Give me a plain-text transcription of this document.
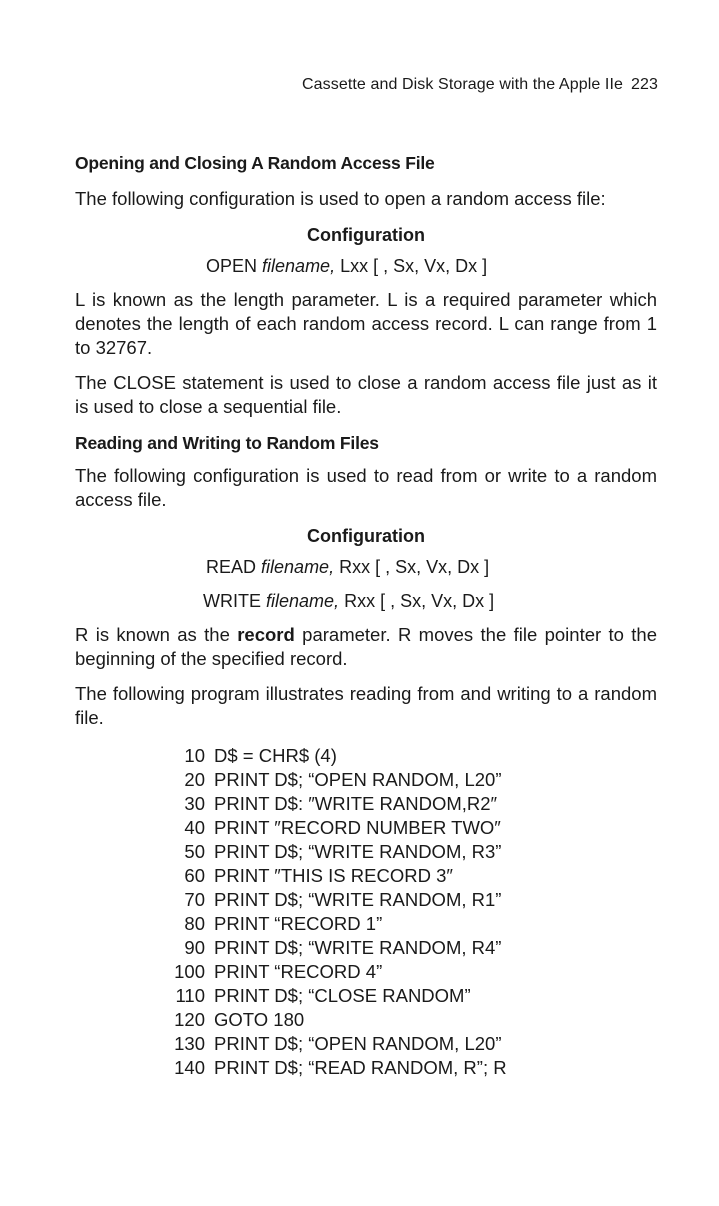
Cassette and Disk Storage with the Apple IIe 223
Opening and Closing A Random Access File

The following configuration is used to open a random access file:

Configuration
OPEN filename, Lxx [ , Sx, Vx, Dx ]

L is known as the length parameter. L is a required parameter which denotes the length of each random access record. L can range from 1 to 32767.

The CLOSE statement is used to close a random access file just as it is used to close a sequential file.

Reading and Writing to Random Files

The following configuration is used to read from or write to a random access file.

Configuration
READ filename, Rxx [ , Sx, Vx, Dx ]
WRITE filename, Rxx [ , Sx, Vx, Dx ]

R is known as the record parameter. R moves the file pointer to the beginning of the specified record.

The following program illustrates reading from and writing to a random file.

10 D$ = CHR$ (4)
20 PRINT D$; “OPEN RANDOM, L20”
30 PRINT D$: ″WRITE RANDOM,R2″
40 PRINT ″RECORD NUMBER TWO″
50 PRINT D$; “WRITE RANDOM, R3”
60 PRINT ″THIS IS RECORD 3″
70 PRINT D$; “WRITE RANDOM, R1”
80 PRINT “RECORD 1”
90 PRINT D$; “WRITE RANDOM, R4”
100 PRINT “RECORD 4”
110 PRINT D$; “CLOSE RANDOM”
120 GOTO 180
130 PRINT D$; “OPEN RANDOM, L20”
140 PRINT D$; “READ RANDOM, R”; R
